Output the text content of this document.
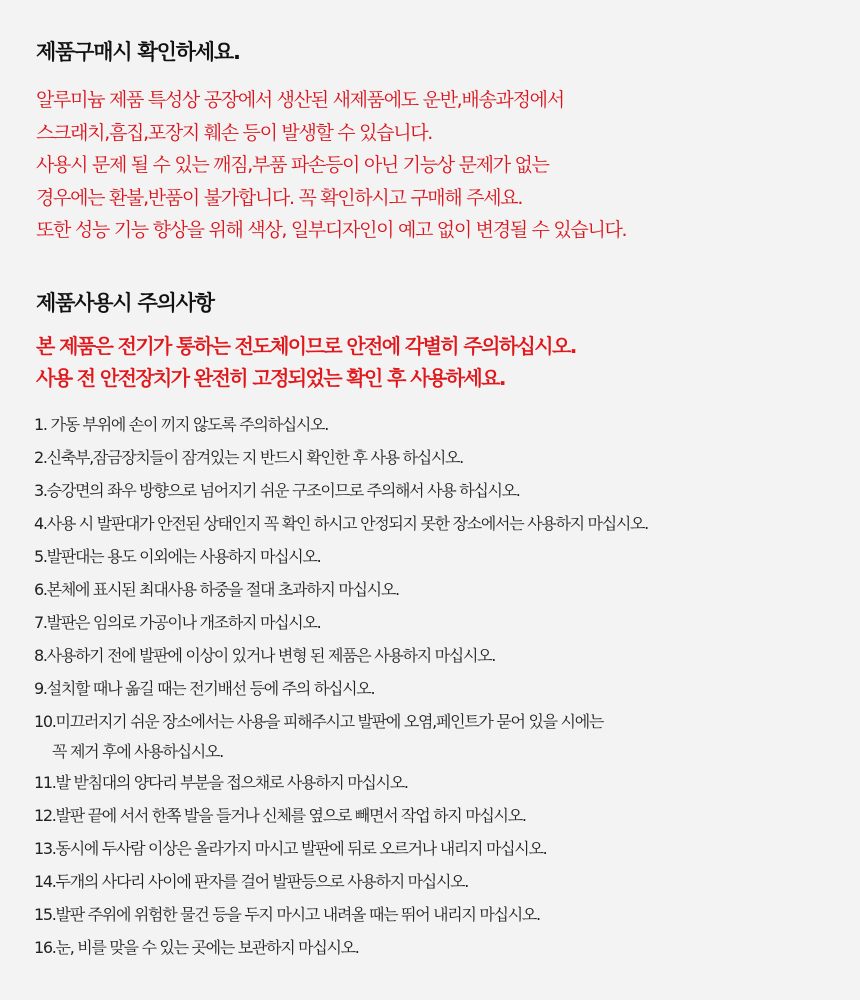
제품구매시 확인하세요.
알루미늄 제품 특성상 공장에서 생산된 새제품에도 운반,배송과정에서
스크래치,흠집,포장지 훼손 등이 발생할 수 있습니다.
사용시 문제 될 수 있는 깨짐,부품 파손등이 아닌 기능상 문제가 없는
경우에는 환불,반품이 불가합니다. 꼭 확인하시고 구매해 주세요.
또한 성능 기능 향상을 위해 색상, 일부디자인이 예고 없이 변경될 수 있습니다.
제품사용시 주의사항
본 제품은 전기가 통하는 전도체이므로 안전에 각별히 주의하십시오.
사용 전 안전장치가 완전히 고정되었는 확인 후 사용하세요.
1. 가동 부위에 손이 끼지 않도록 주의하십시오.
2.신축부,잠금장치들이 잠겨있는 지 반드시 확인한 후 사용 하십시오.
3.승강면의 좌우 방향으로 넘어지기 쉬운 구조이므로 주의해서 사용 하십시오.
4.사용 시 발판대가 안전된 상태인지 꼭 확인 하시고 안정되지 못한 장소에서는 사용하지 마십시오.
5.발판대는 용도 이외에는 사용하지 마십시오.
6.본체에 표시된 최대사용 하중을 절대 초과하지 마십시오.
7.발판은 임의로 가공이나 개조하지 마십시오.
8.사용하기 전에 발판에 이상이 있거나 변형 된 제품은 사용하지 마십시오.
9.설치할 때나 옮길 때는 전기배선 등에 주의 하십시오.
10.미끄러지기 쉬운 장소에서는 사용을 피해주시고 발판에 오염,페인트가 묻어 있을 시에는
꼭 제거 후에 사용하십시오.
11.발 받침대의 양다리 부분을 접으채로 사용하지 마십시오.
12.발판 끝에 서서 한쪽 발을 들거나 신체를 옆으로 빼면서 작업 하지 마십시오.
13.동시에 두사람 이상은 올라가지 마시고 발판에 뒤로 오르거나 내리지 마십시오.
14.두개의 사다리 사이에 판자를 걸어 발판등으로 사용하지 마십시오.
15.발판 주위에 위험한 물건 등을 두지 마시고 내려올 때는 뛰어 내리지 마십시오.
16.눈, 비를 맞을 수 있는 곳에는 보관하지 마십시오.
